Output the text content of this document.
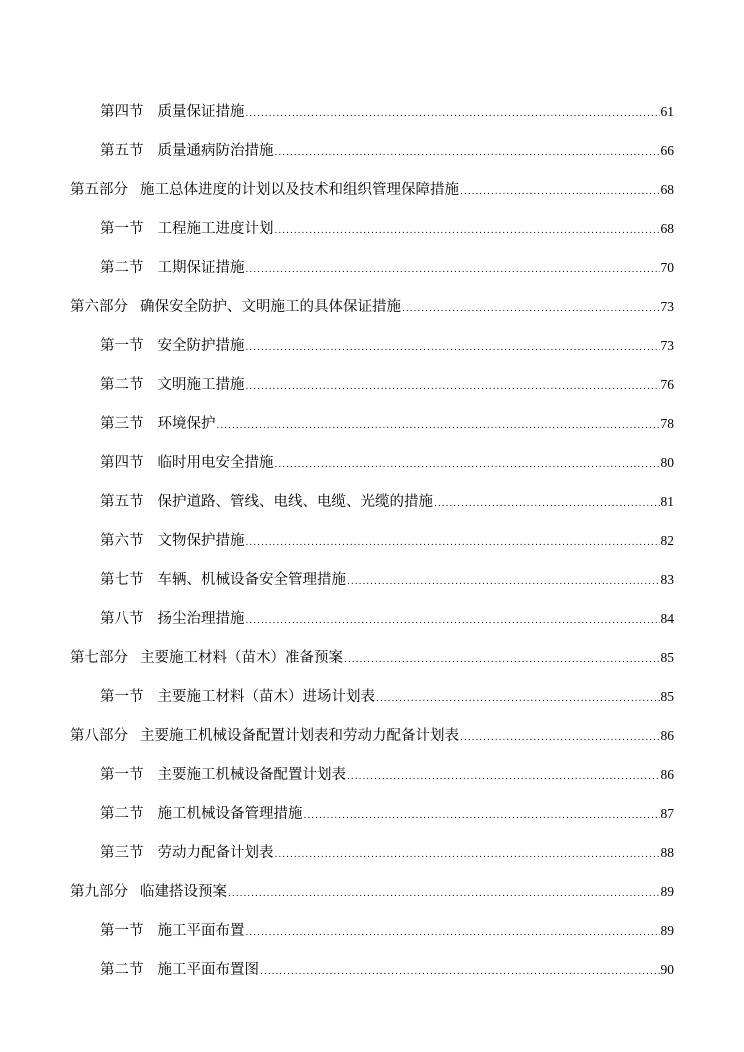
第四节 质量保证措施 .....	61
第五节 质量通病防治措施 .....	66
第五部分 施工总体进度的计划以及技术和组织管理保障措施 .....	68
第一节 工程施工进度计划 .....	68
第二节 工期保证措施 .....	70
第六部分 确保安全防护、文明施工的具体保证措施 .....	73
第一节 安全防护措施 .....	73
第二节 文明施工措施 .....	76
第三节 环境保护 .....	78
第四节 临时用电安全措施 .....	80
第五节 保护道路、管线、电线、电缆、光缆的措施 .....	81
第六节 文物保护措施 .....	82
第七节 车辆、机械设备安全管理措施 .....	83
第八节 扬尘治理措施 .....	84
第七部分 主要施工材料（苗木）准备预案 .....	85
第一节 主要施工材料（苗木）进场计划表 .....	85
第八部分 主要施工机械设备配置计划表和劳动力配备计划表 .....	86
第一节 主要施工机械设备配置计划表 .....	86
第二节 施工机械设备管理措施 .....	87
第三节 劳动力配备计划表 .....	88
第九部分 临建搭设预案 .....	89
第一节 施工平面布置 .....	89
第二节 施工平面布置图 .....	90
